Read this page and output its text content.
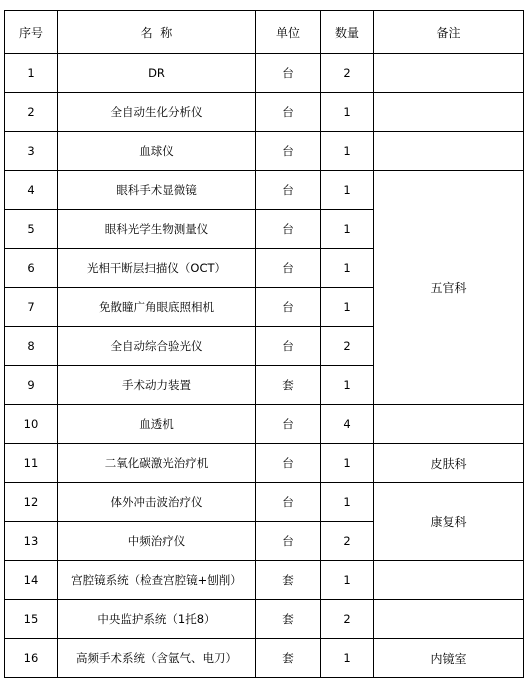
序号	名  称	单位	数量	备注
1	DR	台	2	
2	全自动生化分析仪	台	1	
3	血球仪	台	1	
4	眼科手术显微镜	台	1	五官科
5	眼科光学生物测量仪	台	1	
6	光相干断层扫描仪（OCT）	台	1	
7	免散瞳广角眼底照相机	台	1	
8	全自动综合验光仪	台	2	
9	手术动力装置	套	1	
10	血透机	台	4	
11	二氧化碳激光治疗机	台	1	皮肤科
12	体外冲击波治疗仪	台	1	康复科
13	中频治疗仪	台	2	
14	宫腔镜系统（检查宫腔镜+刨削）	套	1	
15	中央监护系统（1托8）	套	2	
16	高频手术系统（含氩气、电刀）	套	1	内镜室
